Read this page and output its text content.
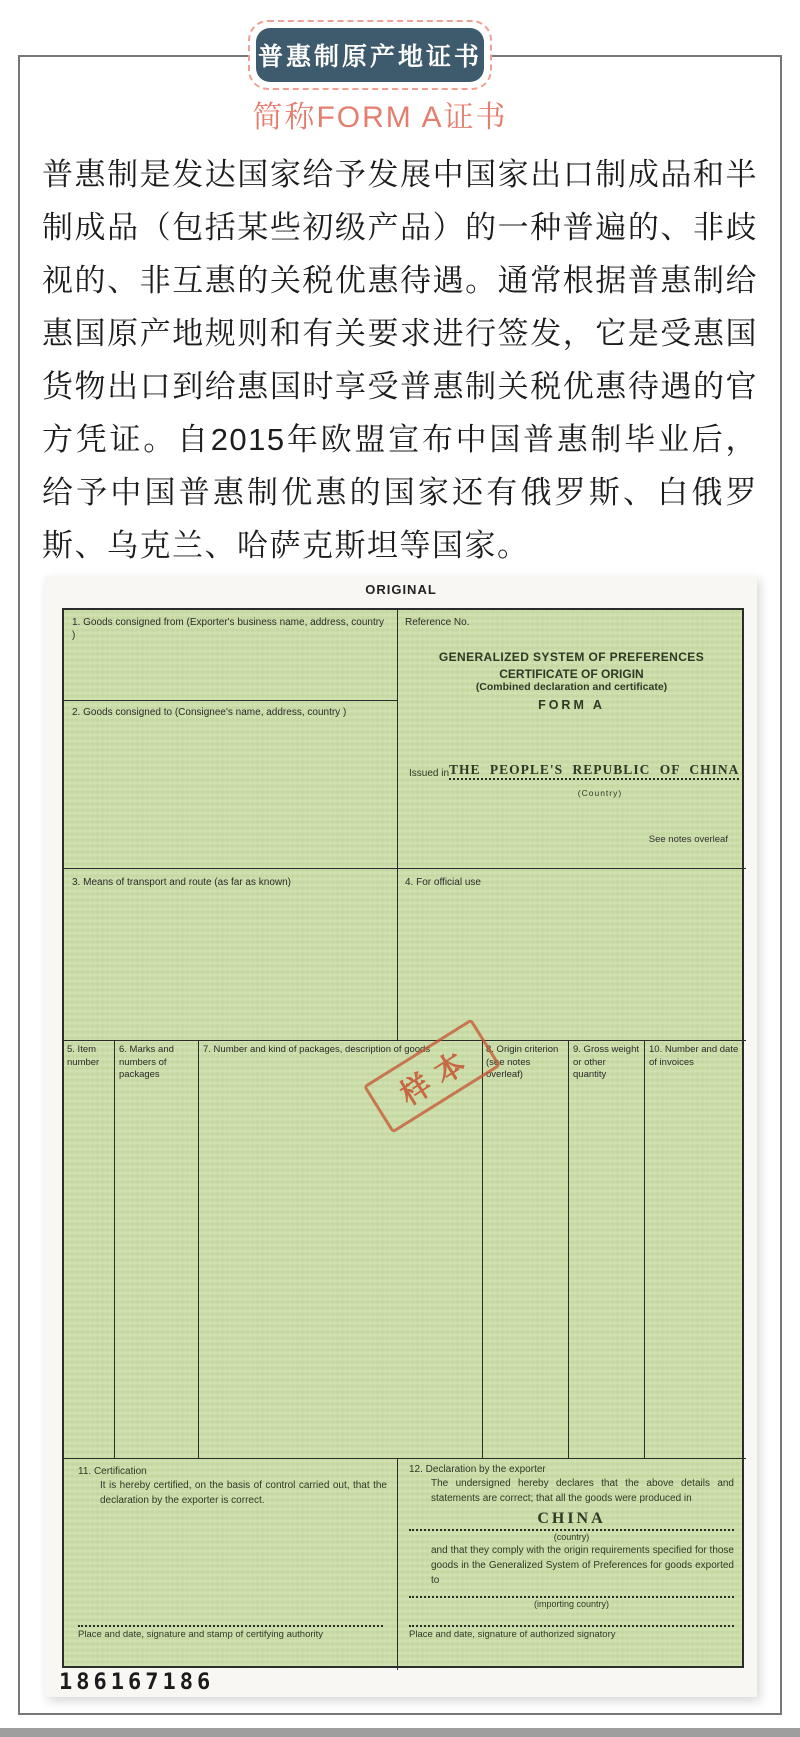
普惠制原产地证书
简称FORM A证书

普惠制是发达国家给予发展中国家出口制成品和半制成品（包括某些初级产品）的一种普遍的、非歧视的、非互惠的关税优惠待遇。通常根据普惠制给惠国原产地规则和有关要求进行签发，它是受惠国货物出口到给惠国时享受普惠制关税优惠待遇的官方凭证。自2015年欧盟宣布中国普惠制毕业后，给予中国普惠制优惠的国家还有俄罗斯、白俄罗斯、乌克兰、哈萨克斯坦等国家。

ORIGINAL
1. Goods consigned from (Exporter's business name, address, country )
Reference No.
GENERALIZED SYSTEM OF PREFERENCES
CERTIFICATE OF ORIGIN
(Combined declaration and certificate)
FORM A
Issued in THE PEOPLE'S REPUBLIC OF CHINA
(Country)
See notes overleaf
2. Goods consigned to (Consignee's name, address, country )
3. Means of transport and route (as far as known)	4. For official use
5. Item number
6. Marks and numbers of packages
7. Number and kind of packages, description of goods	8. Origin criterion (see notes overleaf)
9. Gross weight or other quantity
10. Number and date of invoices
样本
11. Certification
It is hereby certified, on the basis of control carried out, that the declaration by the exporter is correct.
Place and date, signature and stamp of certifying authority
12. Declaration by the exporter
The undersigned hereby declares that the above details and statements are correct; that all the goods were produced in
CHINA
(country)
and that they comply with the origin requirements specified for those goods in the Generalized System of Preferences for goods exported to
(importing country)
Place and date, signature of authorized signatory
186167186
